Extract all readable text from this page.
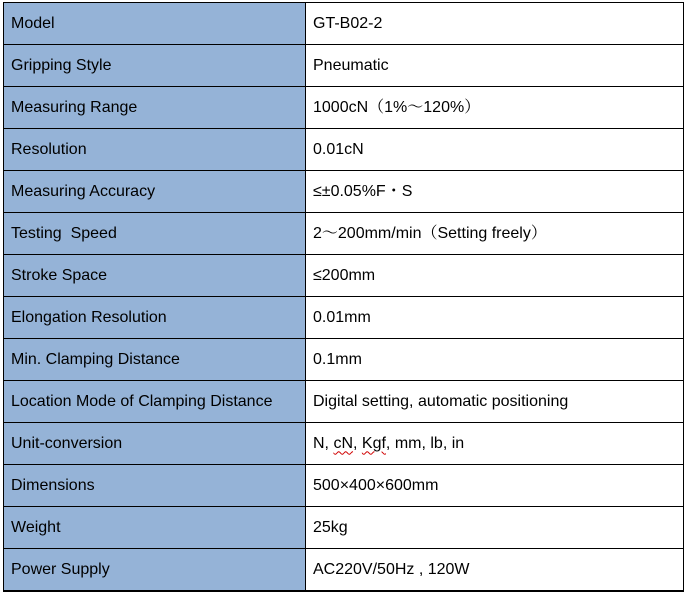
Model	GT-B02-2
Gripping Style	Pneumatic
Measuring Range	1000cN（1%～120%）
Resolution	0.01cN
Measuring Accuracy	≤±0.05%F・S
Testing  Speed	2～200mm/min（Setting freely）
Stroke Space	≤200mm
Elongation Resolution	0.01mm
Min. Clamping Distance	0.1mm
Location Mode of Clamping Distance	Digital setting, automatic positioning
Unit-conversion	N, cN, Kgf, mm, lb, in
Dimensions	500×400×600mm
Weight	25kg
Power Supply	AC220V/50Hz , 120W
